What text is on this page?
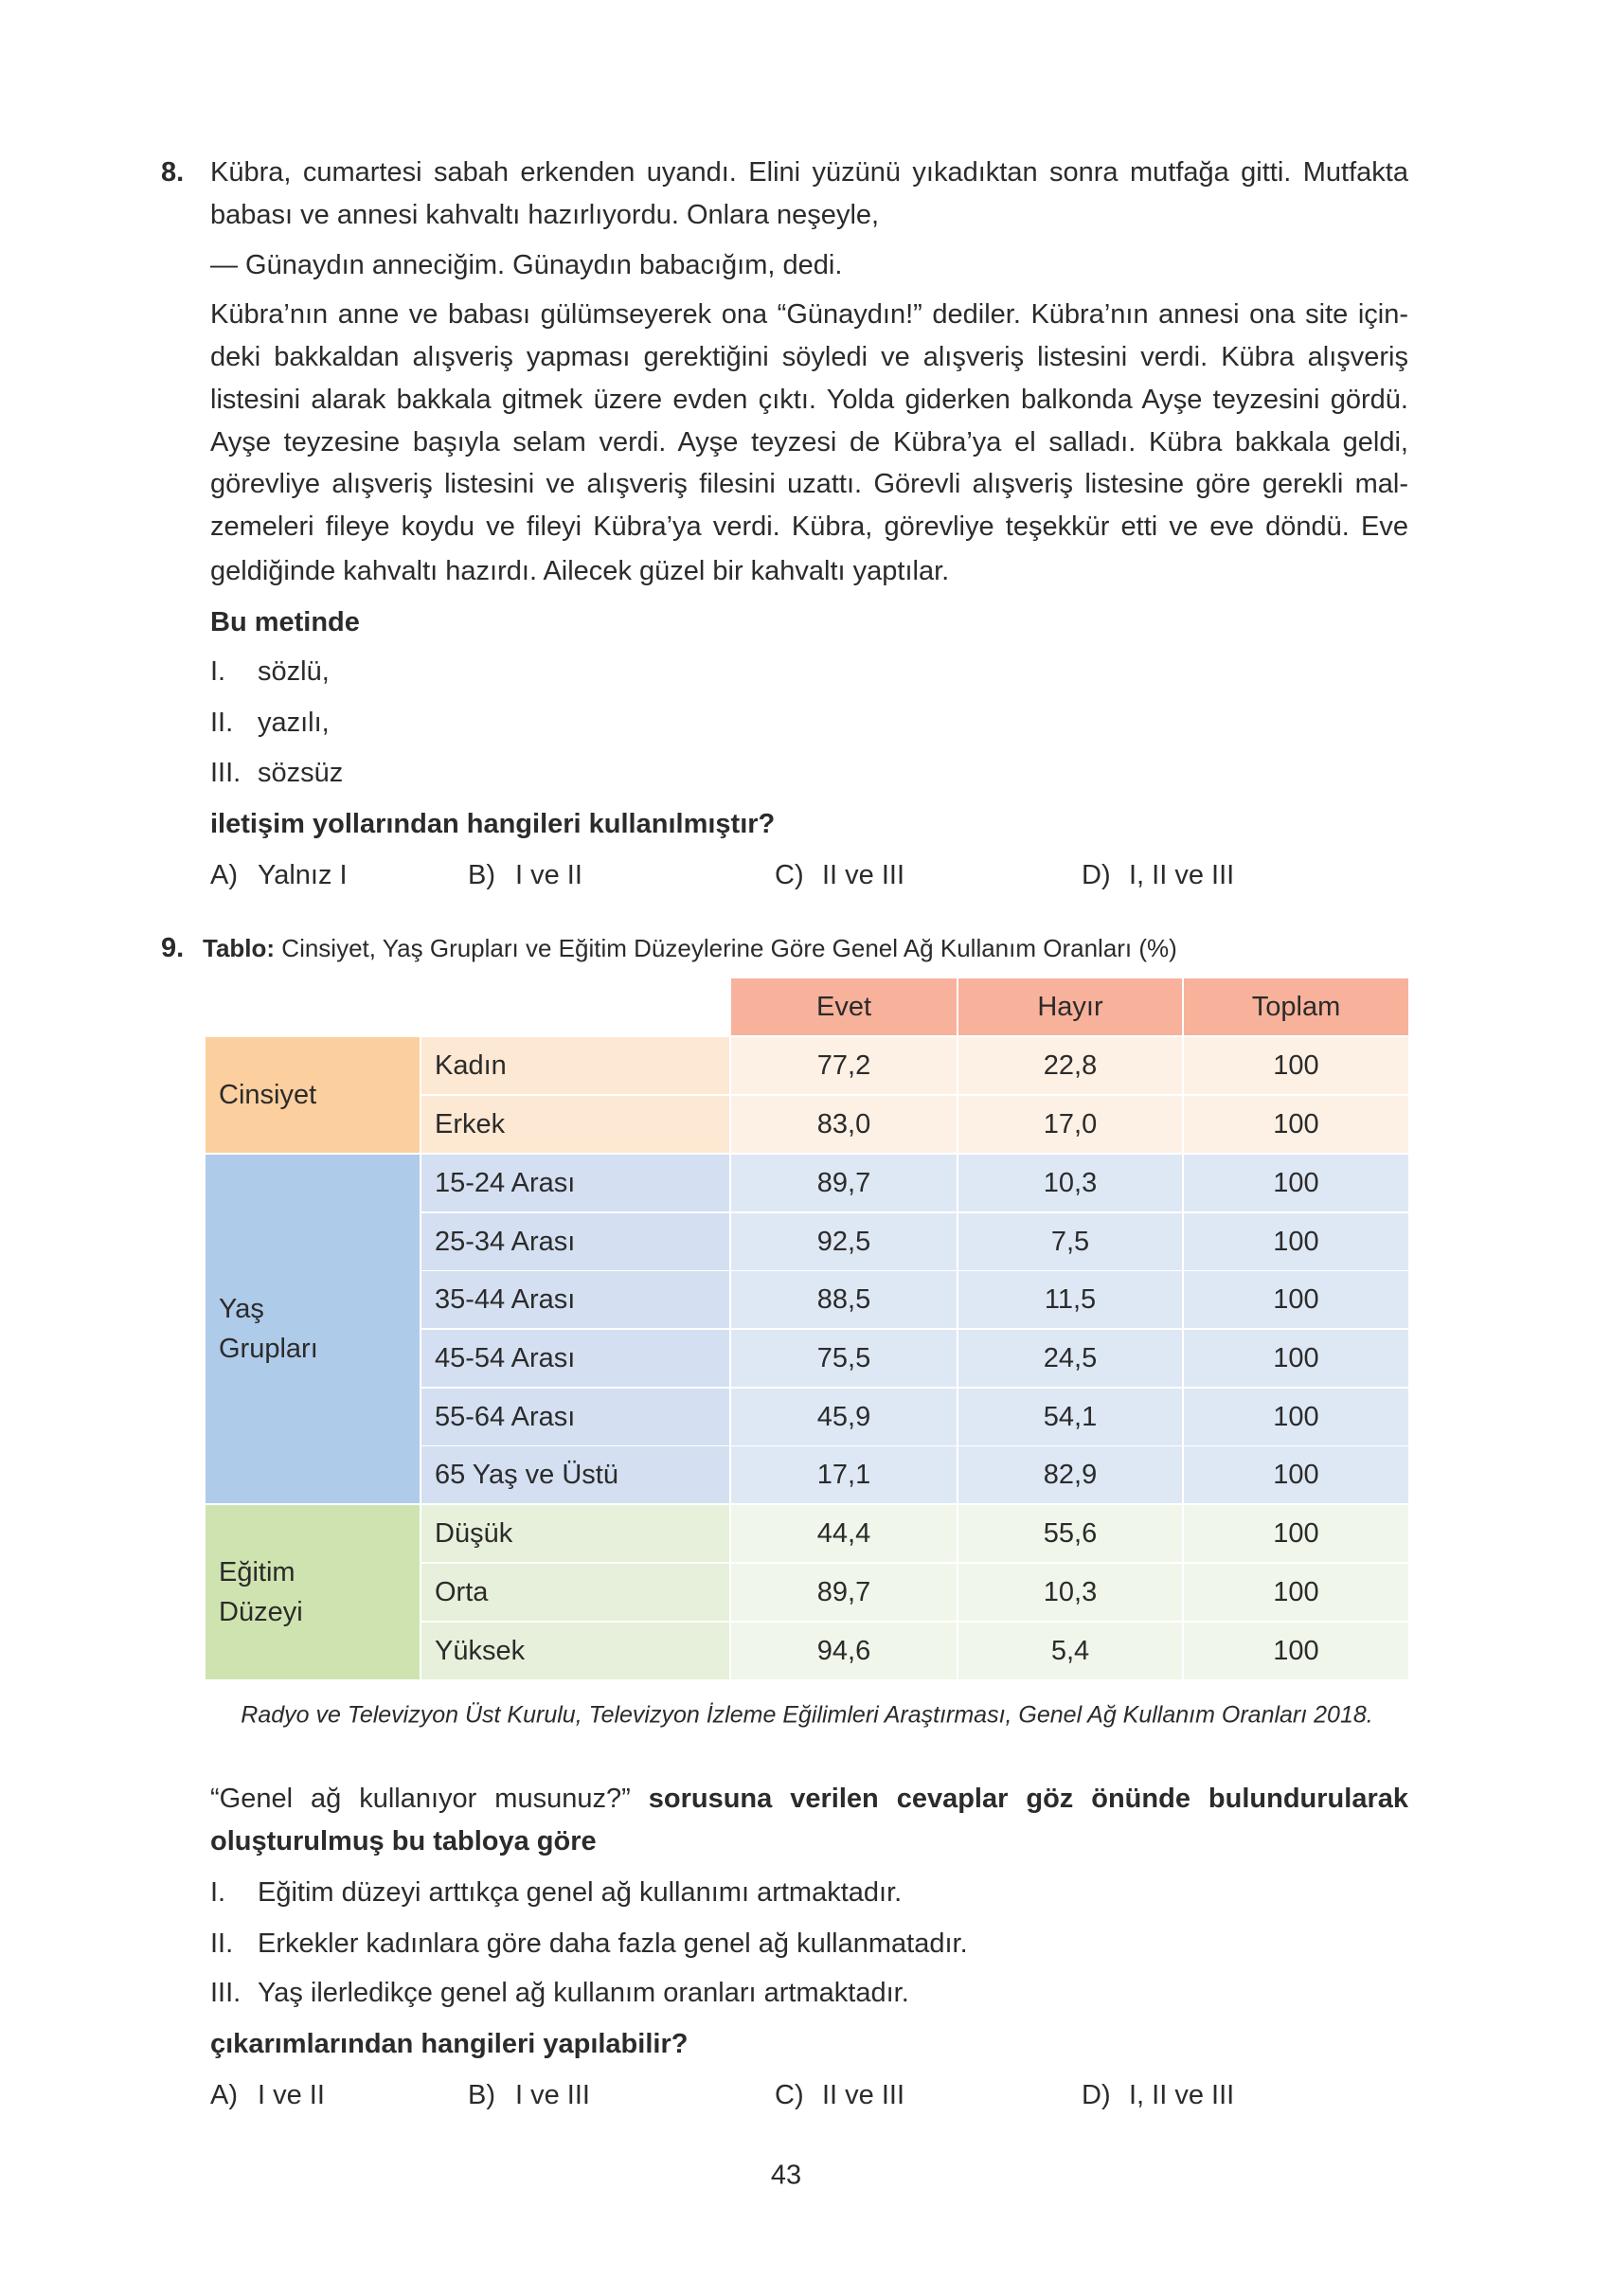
8. Kübra, cumartesi sabah erkenden uyandı. Elini yüzünü yıkadıktan sonra mutfağa gitti. Mutfakta
babası ve annesi kahvaltı hazırlıyordu. Onlara neşeyle,
— Günaydın anneciğim. Günaydın babacığım, dedi.
Kübra’nın anne ve babası gülümseyerek ona “Günaydın!” dediler. Kübra’nın annesi ona site için-
deki bakkaldan alışveriş yapması gerektiğini söyledi ve alışveriş listesini verdi. Kübra alışveriş
listesini alarak bakkala gitmek üzere evden çıktı. Yolda giderken balkonda Ayşe teyzesini gördü.
Ayşe teyzesine başıyla selam verdi. Ayşe teyzesi de Kübra’ya el salladı. Kübra bakkala geldi,
görevliye alışveriş listesini ve alışveriş filesini uzattı. Görevli alışveriş listesine göre gerekli mal-
zemeleri fileye koydu ve fileyi Kübra’ya verdi. Kübra, görevliye teşekkür etti ve eve döndü. Eve
geldiğinde kahvaltı hazırdı. Ailecek güzel bir kahvaltı yaptılar.
Bu metinde
I. sözlü,
II. yazılı,
III. sözsüz
iletişim yollarından hangileri kullanılmıştır?
A) Yalnız I	B) I ve II	C) II ve III	D) I, II ve III
9. Tablo: Cinsiyet, Yaş Grupları ve Eğitim Düzeylerine Göre Genel Ağ Kullanım Oranları (%)
Evet	Hayır	Toplam
Cinsiyet
Kadın	77,2	22,8	100
Erkek	83,0	17,0	100
Yaş Grupları
15-24 Arası	89,7	10,3	100
25-34 Arası	92,5	7,5	100
35-44 Arası	88,5	11,5	100
45-54 Arası	75,5	24,5	100
55-64 Arası	45,9	54,1	100
65 Yaş ve Üstü	17,1	82,9	100
Eğitim Düzeyi
Düşük	44,4	55,6	100
Orta	89,7	10,3	100
Yüksek	94,6	5,4	100
Radyo ve Televizyon Üst Kurulu, Televizyon İzleme Eğilimleri Araştırması, Genel Ağ Kullanım Oranları 2018.
“Genel ağ kullanıyor musunuz?” sorusuna verilen cevaplar göz önünde bulundurularak
oluşturulmuş bu tabloya göre
I. Eğitim düzeyi arttıkça genel ağ kullanımı artmaktadır.
II. Erkekler kadınlara göre daha fazla genel ağ kullanmatadır.
III. Yaş ilerledikçe genel ağ kullanım oranları artmaktadır.
çıkarımlarından hangileri yapılabilir?
A) I ve II	B) I ve III	C) II ve III	D) I, II ve III
43
